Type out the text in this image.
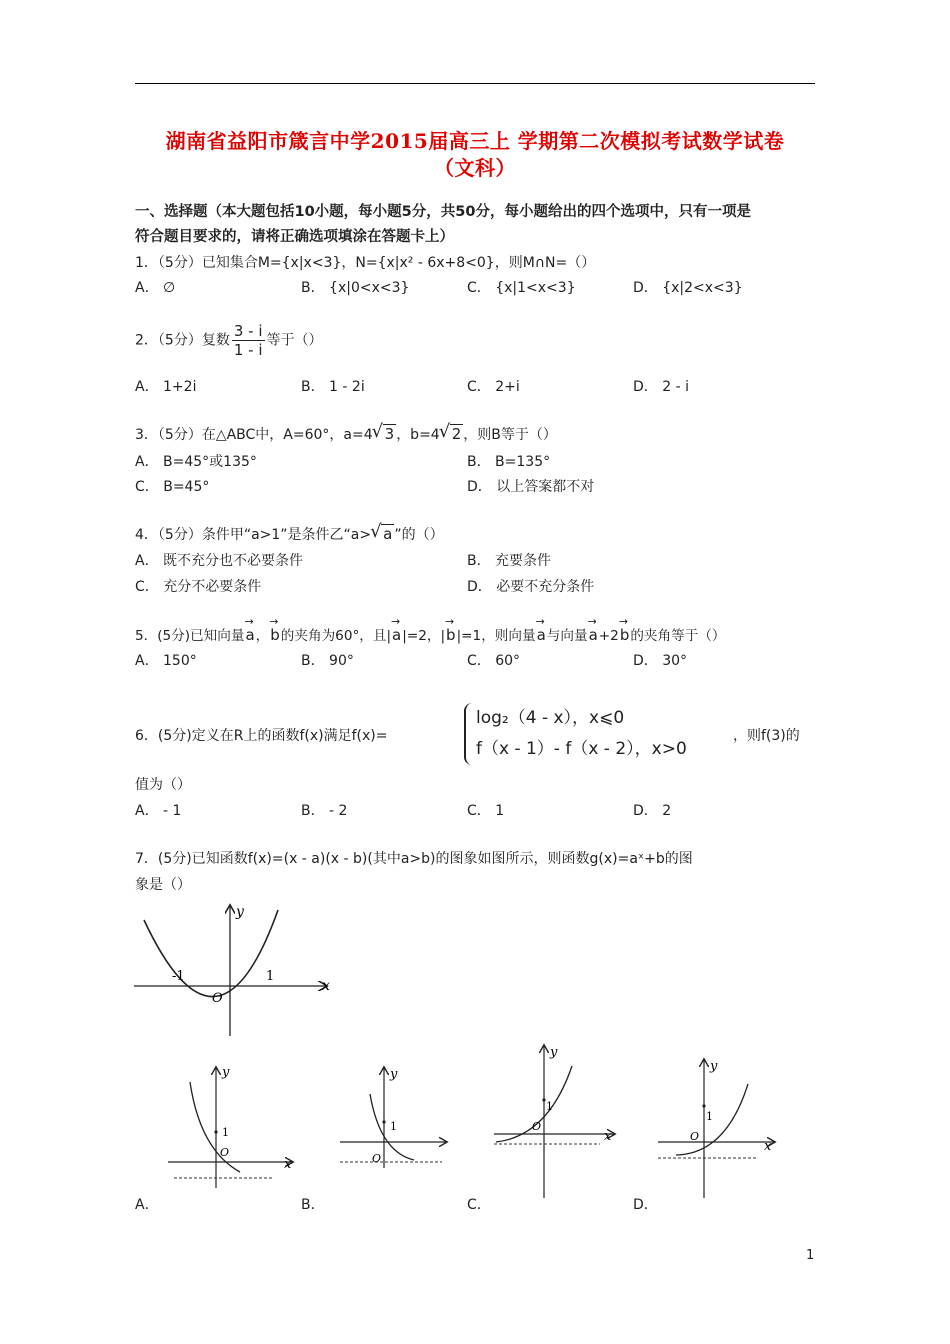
湖南省益阳市箴言中学2015届高三上 学期第二次模拟考试数学试卷
（文科）
一、选择题（本大题包括10小题，每小题5分，共50分，每小题给出的四个选项中，只有一项是
符合题目要求的，请将正确选项填涂在答题卡上）
1．（5分）已知集合M={x|x<3}，N={x|x² - 6x+8<0}，则M∩N=（）
A． ∅	B． {x|0<x<3}	C． {x|1<x<3}	D． {x|2<x<3}
2．（5分）复数 $\frac{3 - i}{1 - i}$ 等于（）
A． 1+2i	B． 1 - 2i	C． 2+i	D． 2 - i
3．（5分）在△ABC中，A=60°，a=4 √ 3 ，b=4 √ 2 ，则B等于（）
A． B=45°或135°	B． B=135°
C． B=45°	D． 以上答案都不对
4．（5分）条件甲“a>1”是条件乙“a> √ a ”的（）
A． 既不充分也不必要条件	B． 充要条件
C． 充分不必要条件	D． 必要不充分条件
5．(5分)已知向量→ a，→ b的夹角为60°，且|→ a|=2，|→ b|=1，则向量→ a与向量→ a+2→ b的夹角等于（）
A． 150°	B． 90°	C． 60°	D． 30°
6．(5分)定义在R上的函数f(x)满足f(x)=
log₂（4 - x），x⩽0
f（x - 1）- f（x - 2），x>0
，则f(3)的
值为（）
A． - 1	B． - 2	C． 1	D． 2
7．(5分)已知函数f(x)=(x - a)(x - b)(其中a>b)的图象如图所示，则函数g(x)=aˣ+b的图
象是（）
y
x
-1	1
O
y
x
1
O
y
1
O
y
x
1
O
y
x
1
O
A．	B．	C．	D．
1
